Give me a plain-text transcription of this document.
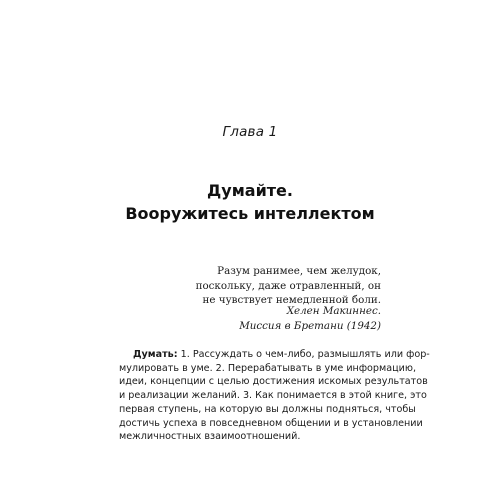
Глава 1
Думайте.
Вооружитесь интеллектом
Разум ранимее, чем желудок,
поскольку, даже отравленный, он
не чувствует немедленной боли.
Хелен Макиннес.
Миссия в Бретани (1942)
Думать: 1. Рассуждать о чем-либо, размышлять или фор-
мулировать в уме. 2. Перерабатывать в уме информацию,
идеи, концепции с целью достижения искомых результатов
и реализации желаний. 3. Как понимается в этой книге, это
первая ступень, на которую вы должны подняться, чтобы
достичь успеха в повседневном общении и в установлении
межличностных взаимоотношений.
